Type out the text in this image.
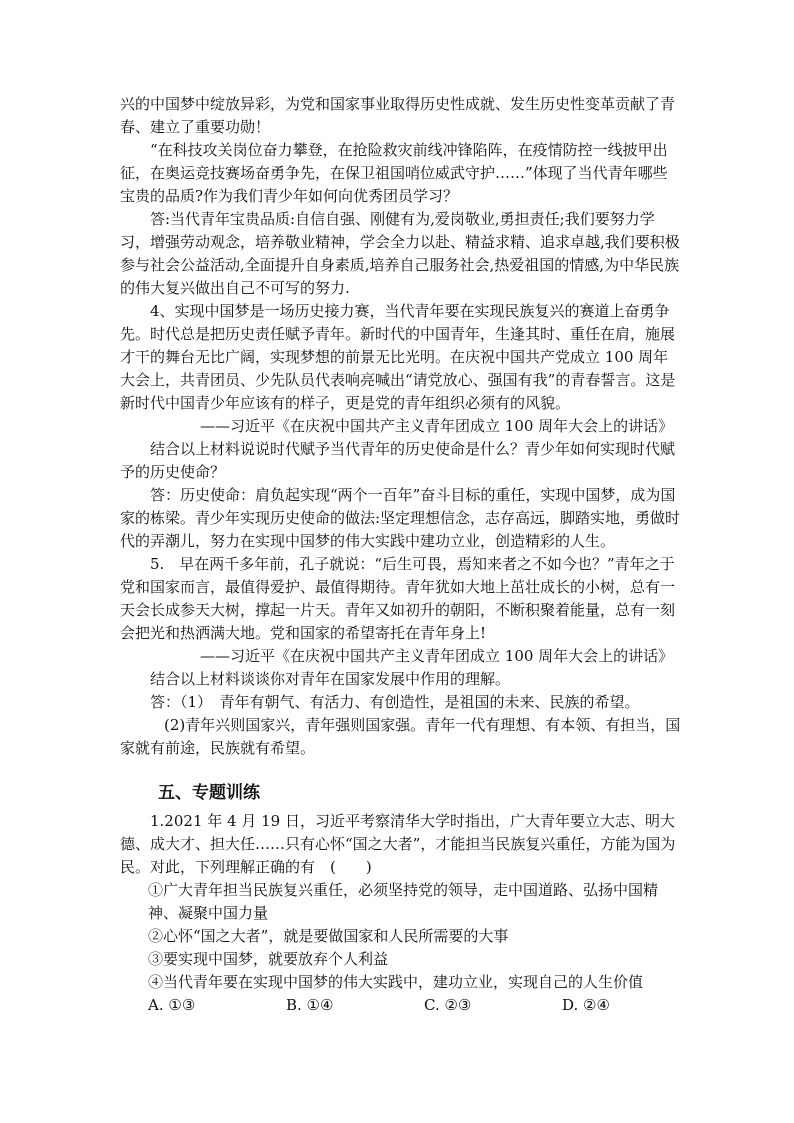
兴的中国梦中绽放异彩，为党和国家事业取得历史性成就、发生历史性变革贡献了青春、建立了重要功勋！

“在科技攻关岗位奋力攀登，在抢险救灾前线冲锋陷阵，在疫情防控一线披甲出征，在奥运竞技赛场奋勇争先，在保卫祖国哨位威武守护……”体现了当代青年哪些宝贵的品质?作为我们青少年如何向优秀团员学习？

答:当代青年宝贵品质:自信自强、刚健有为,爱岗敬业,勇担责任;我们要努力学习，增强劳动观念，培养敬业精神，学会全力以赴、精益求精、追求卓越,我们要积极参与社会公益活动,全面提升自身素质,培养自己服务社会,热爱祖国的情感,为中华民族的伟大复兴做出自己不可写的努力.

4、实现中国梦是一场历史接力赛，当代青年要在实现民族复兴的赛道上奋勇争先。时代总是把历史责任赋予青年。新时代的中国青年，生逢其时、重任在肩，施展才干的舞台无比广阔，实现梦想的前景无比光明。在庆祝中国共产党成立 100 周年大会上，共青团员、少先队员代表响亮喊出“请党放心、强国有我”的青春誓言。这是新时代中国青少年应该有的样子，更是党的青年组织必须有的风貌。

——习近平《在庆祝中国共产主义青年团成立 100 周年大会上的讲话》

结合以上材料说说时代赋予当代青年的历史使命是什么？青少年如何实现时代赋予的历史使命？

答：历史使命：肩负起实现“两个一百年”奋斗目标的重任，实现中国梦，成为国家的栋梁。青少年实现历史使命的做法:坚定理想信念，志存高远，脚踏实地，勇做时代的弄潮儿，努力在实现中国梦的伟大实践中建功立业，创造精彩的人生。

5.　早在两千多年前，孔子就说：“后生可畏，焉知来者之不如今也？”青年之于党和国家而言，最值得爱护、最值得期待。青年犹如大地上茁壮成长的小树，总有一天会长成参天大树，撑起一片天。青年又如初升的朝阳，不断积聚着能量，总有一刻会把光和热洒满大地。党和国家的希望寄托在青年身上!

——习近平《在庆祝中国共产主义青年团成立 100 周年大会上的讲话》

结合以上材料谈谈你对青年在国家发展中作用的理解。

答：（1）　青年有朝气、有活力、有创造性，是祖国的未来、民族的希望。

(2)青年兴则国家兴，青年强则国家强。青年一代有理想、有本领、有担当，国家就有前途，民族就有希望。

五、专题训练

1.2021 年 4 月 19 日，习近平考察清华大学时指出，广大青年要立大志、明大德、成大才、担大任……只有心怀“国之大者”，才能担当民族复兴重任，方能为国为民。对此，下列理解正确的有　(　　)

①广大青年担当民族复兴重任，必须坚持党的领导，走中国道路、弘扬中国精神、凝聚中国力量

②心怀“国之大者”，就是要做国家和人民所需要的大事

③要实现中国梦，就要放弃个人利益

④当代青年要在实现中国梦的伟大实践中，建功立业，实现自己的人生价值

A. ①③	B. ①④	C. ②③	D. ②④
